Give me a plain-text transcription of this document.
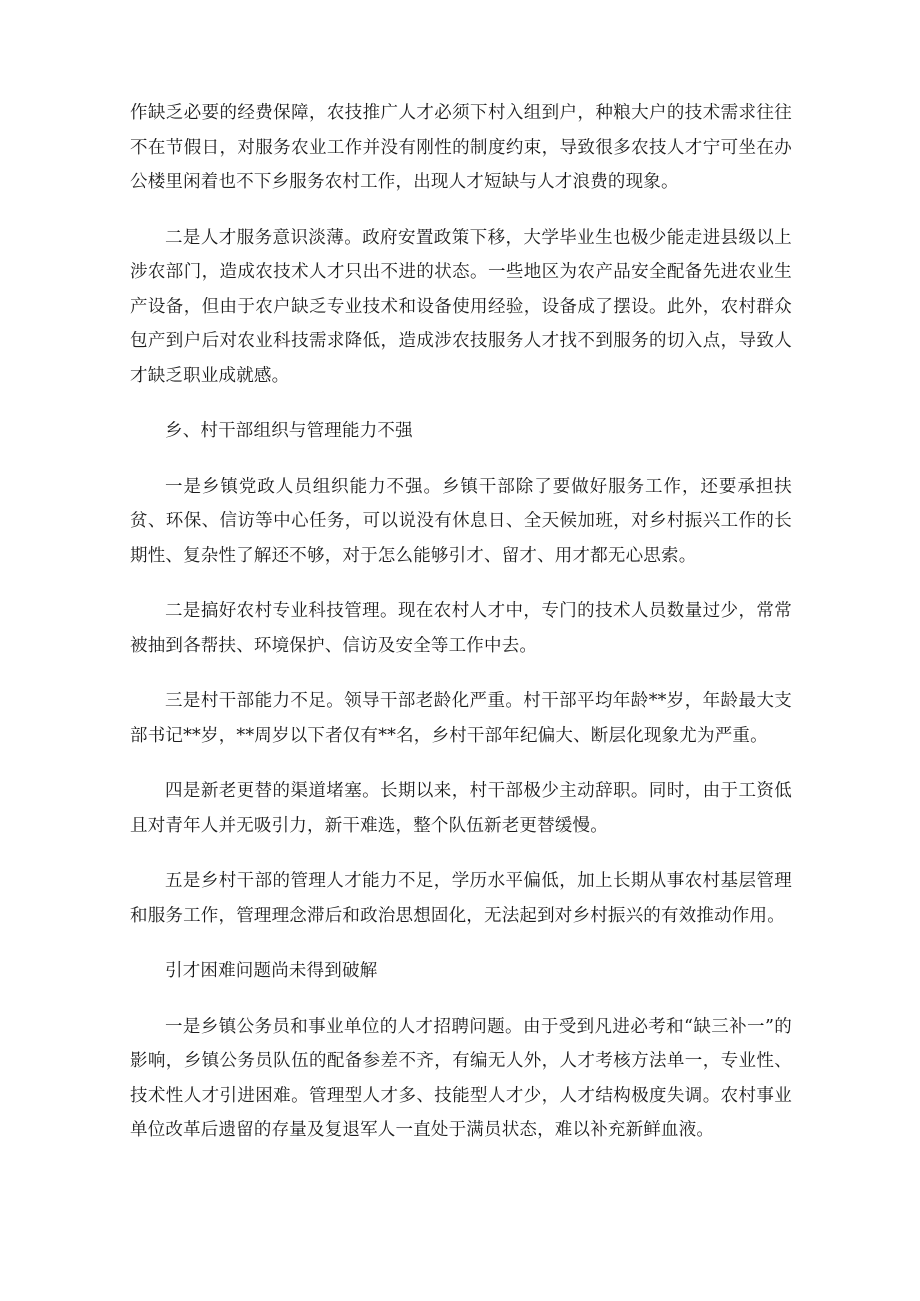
作缺乏必要的经费保障，农技推广人才必须下村入组到户，种粮大户的技术需求往往不在节假日，对服务农业工作并没有刚性的制度约束，导致很多农技人才宁可坐在办公楼里闲着也不下乡服务农村工作，出现人才短缺与人才浪费的现象。

二是人才服务意识淡薄。政府安置政策下移，大学毕业生也极少能走进县级以上涉农部门，造成农技术人才只出不进的状态。一些地区为农产品安全配备先进农业生产设备，但由于农户缺乏专业技术和设备使用经验，设备成了摆设。此外，农村群众包产到户后对农业科技需求降低，造成涉农技服务人才找不到服务的切入点，导致人才缺乏职业成就感。

乡、村干部组织与管理能力不强

一是乡镇党政人员组织能力不强。乡镇干部除了要做好服务工作，还要承担扶贫、环保、信访等中心任务，可以说没有休息日、全天候加班，对乡村振兴工作的长期性、复杂性了解还不够，对于怎么能够引才、留才、用才都无心思索。

二是搞好农村专业科技管理。现在农村人才中，专门的技术人员数量过少，常常被抽到各帮扶、环境保护、信访及安全等工作中去。

三是村干部能力不足。领导干部老龄化严重。村干部平均年龄**岁，年龄最大支部书记**岁，**周岁以下者仅有**名，乡村干部年纪偏大、断层化现象尤为严重。

四是新老更替的渠道堵塞。长期以来，村干部极少主动辞职。同时，由于工资低且对青年人并无吸引力，新干难选，整个队伍新老更替缓慢。

五是乡村干部的管理人才能力不足，学历水平偏低，加上长期从事农村基层管理和服务工作，管理理念滞后和政治思想固化，无法起到对乡村振兴的有效推动作用。

引才困难问题尚未得到破解

一是乡镇公务员和事业单位的人才招聘问题。由于受到凡进必考和“缺三补一”的影响，乡镇公务员队伍的配备参差不齐，有编无人外，人才考核方法单一，专业性、技术性人才引进困难。管理型人才多、技能型人才少，人才结构极度失调。农村事业单位改革后遗留的存量及复退军人一直处于满员状态，难以补充新鲜血液。
